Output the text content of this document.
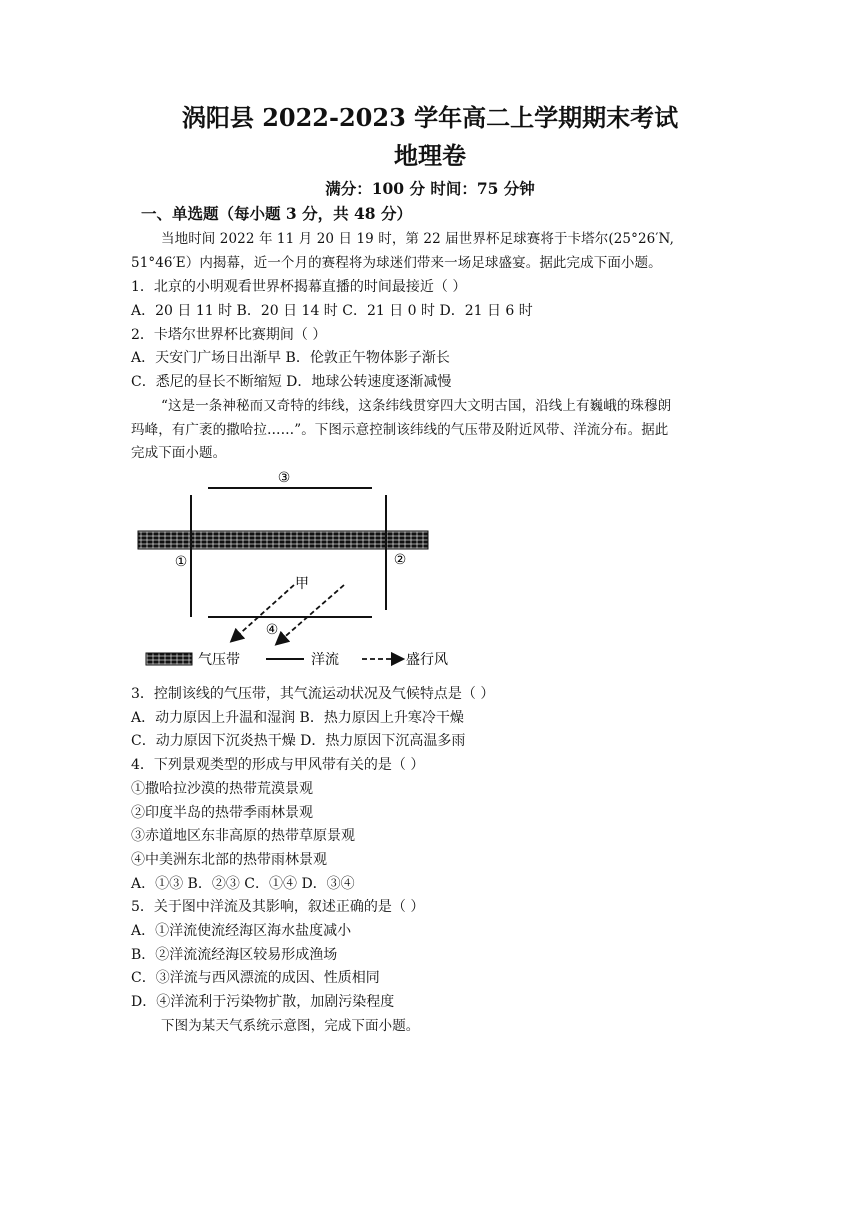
涡阳县 2022-2023 学年高二上学期期末考试
地理卷
满分：100 分 时间：75 分钟
一、单选题（每小题 3 分，共 48 分）
当地时间 2022 年 11 月 20 日 19 时，第 22 届世界杯足球赛将于卡塔尔(25°26′N,
51°46′E）内揭幕，近一个月的赛程将为球迷们带来一场足球盛宴。据此完成下面小题。
1．北京的小明观看世界杯揭幕直播的时间最接近（ ）
A．20 日 11 时 B．20 日 14 时 C．21 日 0 时 D．21 日 6 时
2．卡塔尔世界杯比赛期间（ ）
A．天安门广场日出渐早 B．伦敦正午物体影子渐长
C．悉尼的昼长不断缩短 D．地球公转速度逐渐减慢
“这是一条神秘而又奇特的纬线，这条纬线贯穿四大文明古国，沿线上有巍峨的珠穆朗
玛峰，有广袤的撒哈拉……”。下图示意控制该纬线的气压带及附近风带、洋流分布。据此
完成下面小题。
③
①	②
甲
④
气压带	洋流	盛行风
3．控制该线的气压带，其气流运动状况及气候特点是（ ）
A．动力原因上升温和湿润 B．热力原因上升寒冷干燥
C．动力原因下沉炎热干燥 D．热力原因下沉高温多雨
4．下列景观类型的形成与甲风带有关的是（ ）
①撒哈拉沙漠的热带荒漠景观
②印度半岛的热带季雨林景观
③赤道地区东非高原的热带草原景观
④中美洲东北部的热带雨林景观
A．①③ B．②③ C．①④ D．③④
5．关于图中洋流及其影响，叙述正确的是（ ）
A．①洋流使流经海区海水盐度减小
B．②洋流流经海区较易形成渔场
C．③洋流与西风漂流的成因、性质相同
D．④洋流利于污染物扩散，加剧污染程度
下图为某天气系统示意图，完成下面小题。
